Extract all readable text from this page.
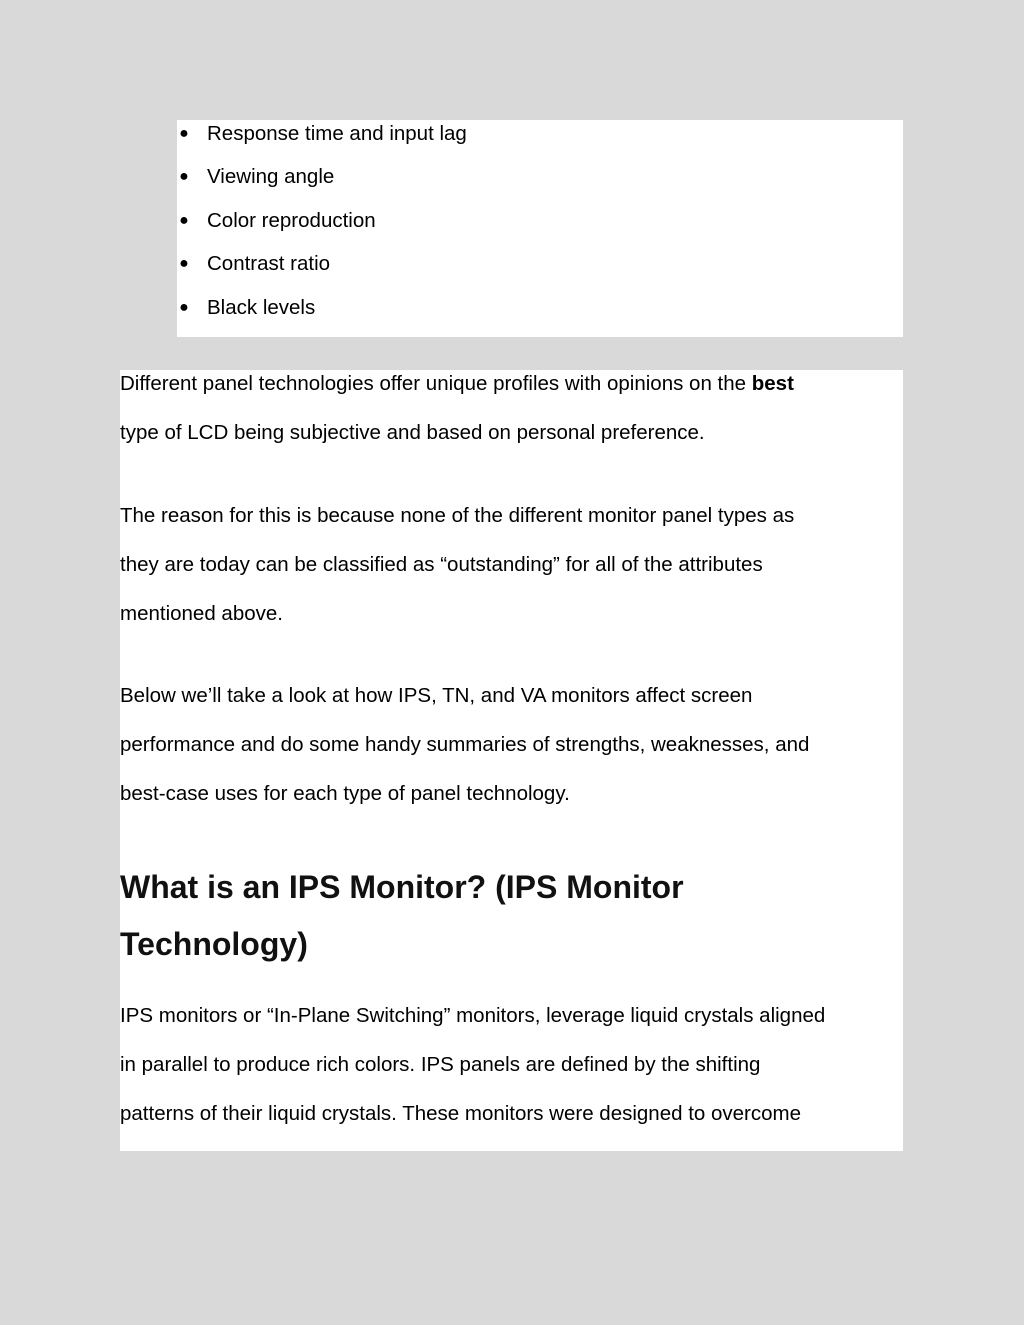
● Response time and input lag
● Viewing angle
● Color reproduction
● Contrast ratio
● Black levels

Different panel technologies offer unique profiles with opinions on the best
type of LCD being subjective and based on personal preference.

The reason for this is because none of the different monitor panel types as
they are today can be classified as “outstanding” for all of the attributes
mentioned above.

Below we’ll take a look at how IPS, TN, and VA monitors affect screen
performance and do some handy summaries of strengths, weaknesses, and
best-case uses for each type of panel technology.

What is an IPS Monitor? (IPS Monitor
Technology)

IPS monitors or “In-Plane Switching” monitors, leverage liquid crystals aligned
in parallel to produce rich colors. IPS panels are defined by the shifting
patterns of their liquid crystals. These monitors were designed to overcome
